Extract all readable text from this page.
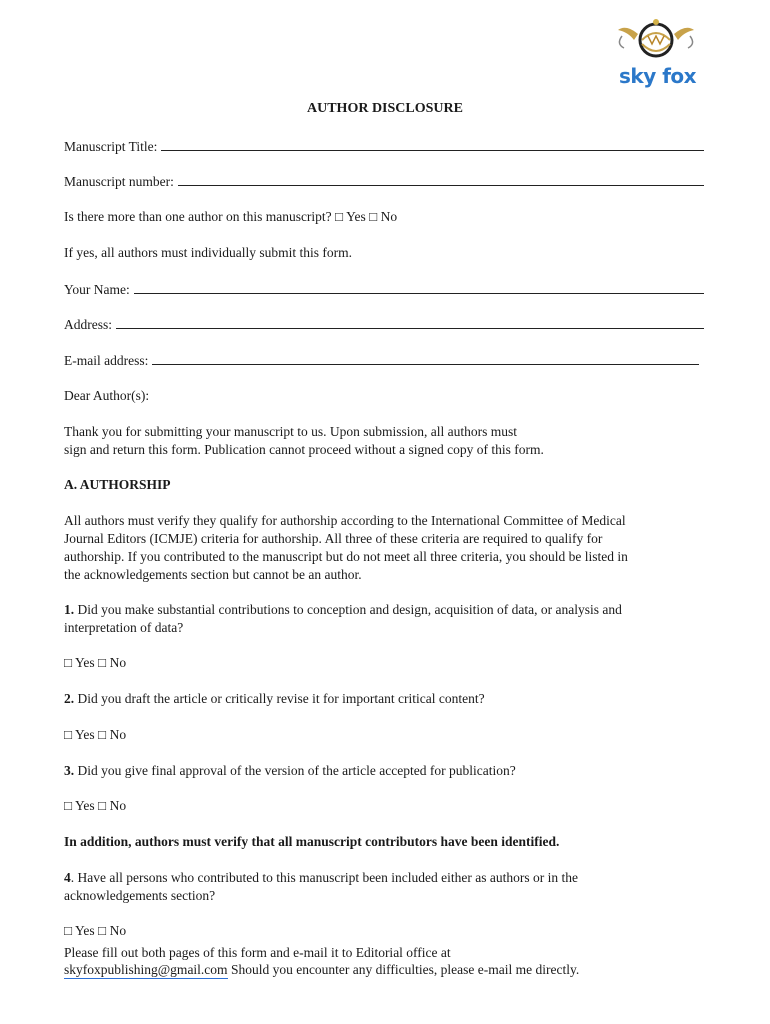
sky fox
AUTHOR DISCLOSURE
Manuscript Title:
Manuscript number:
Is there more than one author on this manuscript? □ Yes □ No
If yes, all authors must individually submit this form.
Your Name:
Address:
E-mail address:
Dear Author(s):
Thank you for submitting your manuscript to us. Upon submission, all authors must
sign and return this form. Publication cannot proceed without a signed copy of this form.
A. AUTHORSHIP
All authors must verify they qualify for authorship according to the International Committee of Medical
Journal Editors (ICMJE) criteria for authorship. All three of these criteria are required to qualify for
authorship. If you contributed to the manuscript but do not meet all three criteria, you should be listed in
the acknowledgements section but cannot be an author.
1. Did you make substantial contributions to conception and design, acquisition of data, or analysis and
interpretation of data?
□ Yes □ No
2. Did you draft the article or critically revise it for important critical content?
□ Yes □ No
3. Did you give final approval of the version of the article accepted for publication?
□ Yes □ No
In addition, authors must verify that all manuscript contributors have been identified.
4. Have all persons who contributed to this manuscript been included either as authors or in the
acknowledgements section?
□ Yes □ No
Please fill out both pages of this form and e-mail it to Editorial office at
skyfoxpublishing@gmail.com Should you encounter any difficulties, please e-mail me directly.
